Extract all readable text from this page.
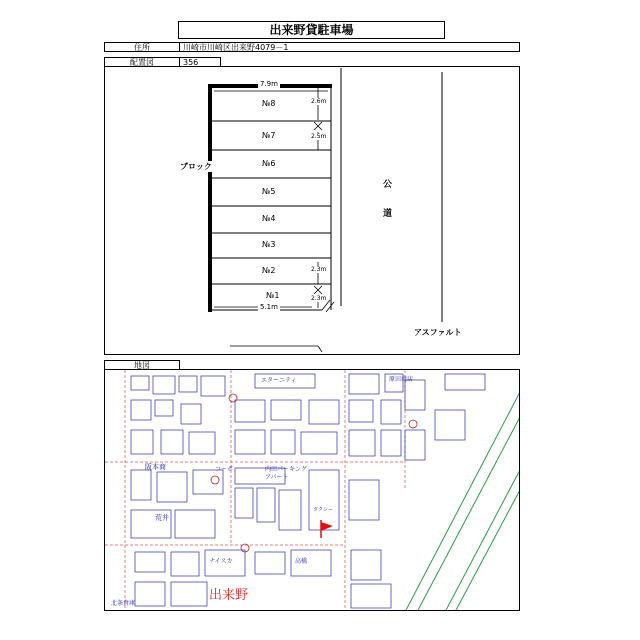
出来野貸駐車場
住所	川崎市川崎区出来野4079－1
配置図	356
7.9m
5.1m
ブロック
公
道
アスファルト
№8
№7
№6
№5
№4
№3
№2
№1
2.6m
2.5m
2.3m
2.3m
地図
エターニティ	原田商店
阪本商	コーポ	内田パーキング
アパート
タクシー
荒井
ナイスカ	高橋
北条倉庫
出来野
